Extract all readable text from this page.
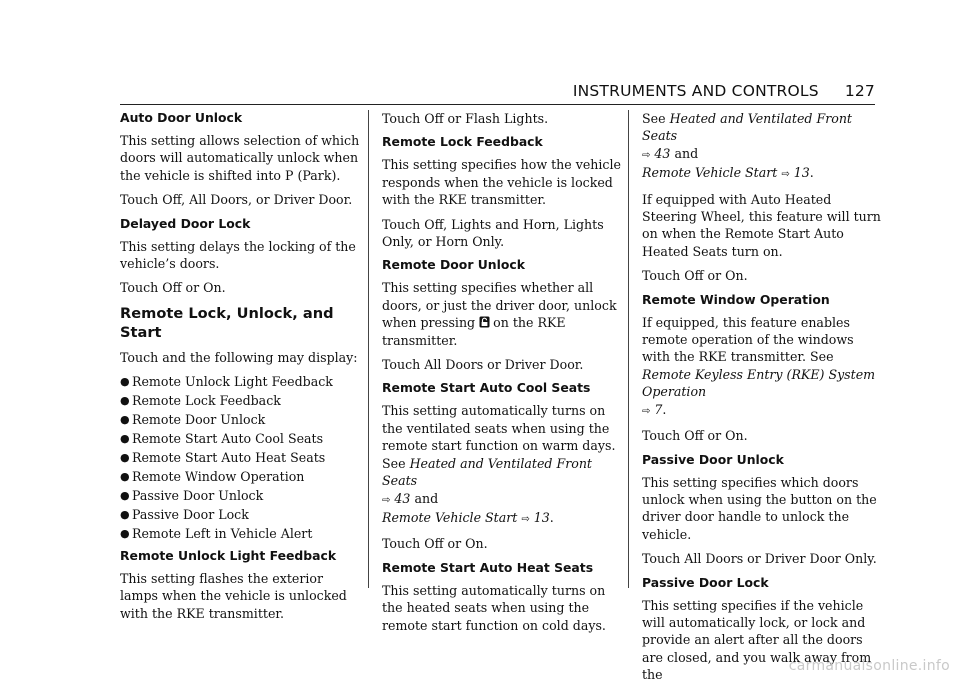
INSTRUMENTS AND CONTROLS 127
Auto Door Unlock

This setting allows selection of which doors will automatically unlock when the vehicle is shifted into P (Park).

Touch Off, All Doors, or Driver Door.

Delayed Door Lock

This setting delays the locking of the vehicle’s doors.

Touch Off or On.

Remote Lock, Unlock, and Start

Touch and the following may display:

● Remote Unlock Light Feedback
● Remote Lock Feedback
● Remote Door Unlock
● Remote Start Auto Cool Seats
● Remote Start Auto Heat Seats
● Remote Window Operation
● Passive Door Unlock
● Passive Door Lock
● Remote Left in Vehicle Alert
Remote Unlock Light Feedback

This setting flashes the exterior lamps when the vehicle is unlocked with the RKE transmitter.

Touch Off or Flash Lights.

Remote Lock Feedback

This setting specifies how the vehicle responds when the vehicle is locked with the RKE transmitter.

Touch Off, Lights and Horn, Lights Only, or Horn Only.

Remote Door Unlock

This setting specifies whether all doors, or just the driver door, unlock when pressing on the RKE transmitter.

Touch All Doors or Driver Door.

Remote Start Auto Cool Seats

This setting automatically turns on the ventilated seats when using the remote start function on warm days. See Heated and Ventilated Front Seats
⇨ 43 and
Remote Vehicle Start ⇨ 13.

Touch Off or On.

Remote Start Auto Heat Seats

This setting automatically turns on the heated seats when using the remote start function on cold days.

See Heated and Ventilated Front Seats
⇨ 43 and
Remote Vehicle Start ⇨ 13.

If equipped with Auto Heated Steering Wheel, this feature will turn on when the Remote Start Auto Heated Seats turn on.

Touch Off or On.

Remote Window Operation

If equipped, this feature enables remote operation of the windows with the RKE transmitter. See Remote Keyless Entry (RKE) System Operation
⇨ 7.

Touch Off or On.

Passive Door Unlock

This setting specifies which doors unlock when using the button on the driver door handle to unlock the vehicle.

Touch All Doors or Driver Door Only.

Passive Door Lock

This setting specifies if the vehicle will automatically lock, or lock and provide an alert after all the doors are closed, and you walk away from the

carmanualsonline.info
